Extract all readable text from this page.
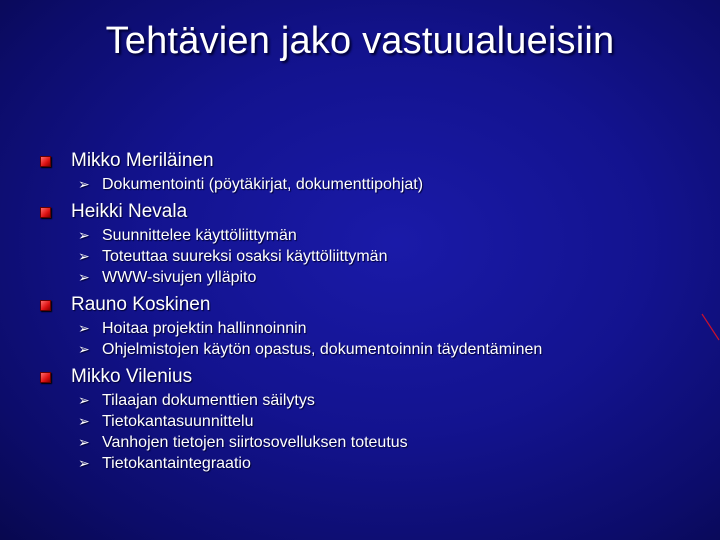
Tehtävien jako vastuualueisiin
Mikko Meriläinen
➢ Dokumentointi (pöytäkirjat, dokumenttipohjat)
Heikki Nevala
➢ Suunnittelee käyttöliittymän
➢ Toteuttaa suureksi osaksi käyttöliittymän
➢ WWW-sivujen ylläpito
Rauno Koskinen
➢ Hoitaa projektin hallinnoinnin
➢ Ohjelmistojen käytön opastus, dokumentoinnin täydentäminen
Mikko Vilenius
➢ Tilaajan dokumenttien säilytys
➢ Tietokantasuunnittelu
➢ Vanhojen tietojen siirtosovelluksen toteutus
➢ Tietokantaintegraatio
